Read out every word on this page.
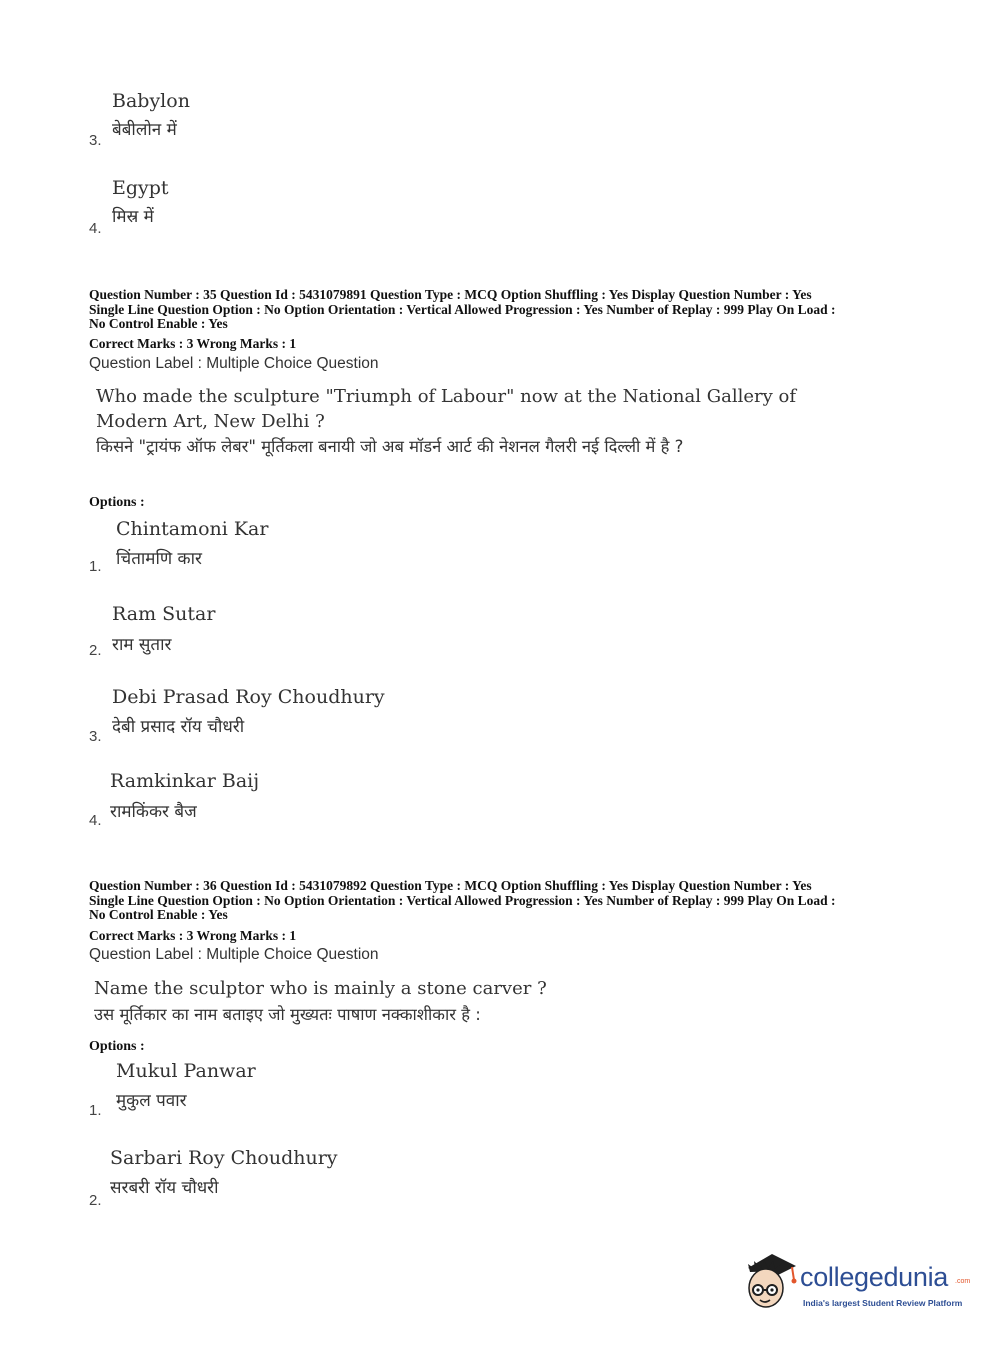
Babylon
बेबीलोन में
3.
Egypt
मिस्र में
4.
Question Number : 35 Question Id : 5431079891 Question Type : MCQ Option Shuffling : Yes Display Question Number : Yes
Single Line Question Option : No Option Orientation : Vertical Allowed Progression : Yes Number of Replay : 999 Play On Load :
No Control Enable : Yes
Correct Marks : 3 Wrong Marks : 1
Question Label : Multiple Choice Question
Who made the sculpture "Triumph of Labour" now at the National Gallery of Modern Art, New Delhi ?
किसने "ट्रायंफ ऑफ लेबर" मूर्तिकला बनायी जो अब मॉडर्न आर्ट की नेशनल गैलरी नई दिल्ली में है ?
Options :
Chintamoni Kar
चिंतामणि कार
1.
Ram Sutar
राम सुतार
2.
Debi Prasad Roy Choudhury
देबी प्रसाद रॉय चौधरी
3.
Ramkinkar Baij
रामकिंकर बैज
4.
Question Number : 36 Question Id : 5431079892 Question Type : MCQ Option Shuffling : Yes Display Question Number : Yes
Single Line Question Option : No Option Orientation : Vertical Allowed Progression : Yes Number of Replay : 999 Play On Load :
No Control Enable : Yes
Correct Marks : 3 Wrong Marks : 1
Question Label : Multiple Choice Question
Name the sculptor who is mainly a stone carver ?
उस मूर्तिकार का नाम बताइए जो मुख्यतः पाषाण नक्काशीकार है :
Options :
Mukul Panwar
मुकुल पवार
1.
Sarbari Roy Choudhury
सरबरी रॉय चौधरी
2.
collegedunia .com
India's largest Student Review Platform
